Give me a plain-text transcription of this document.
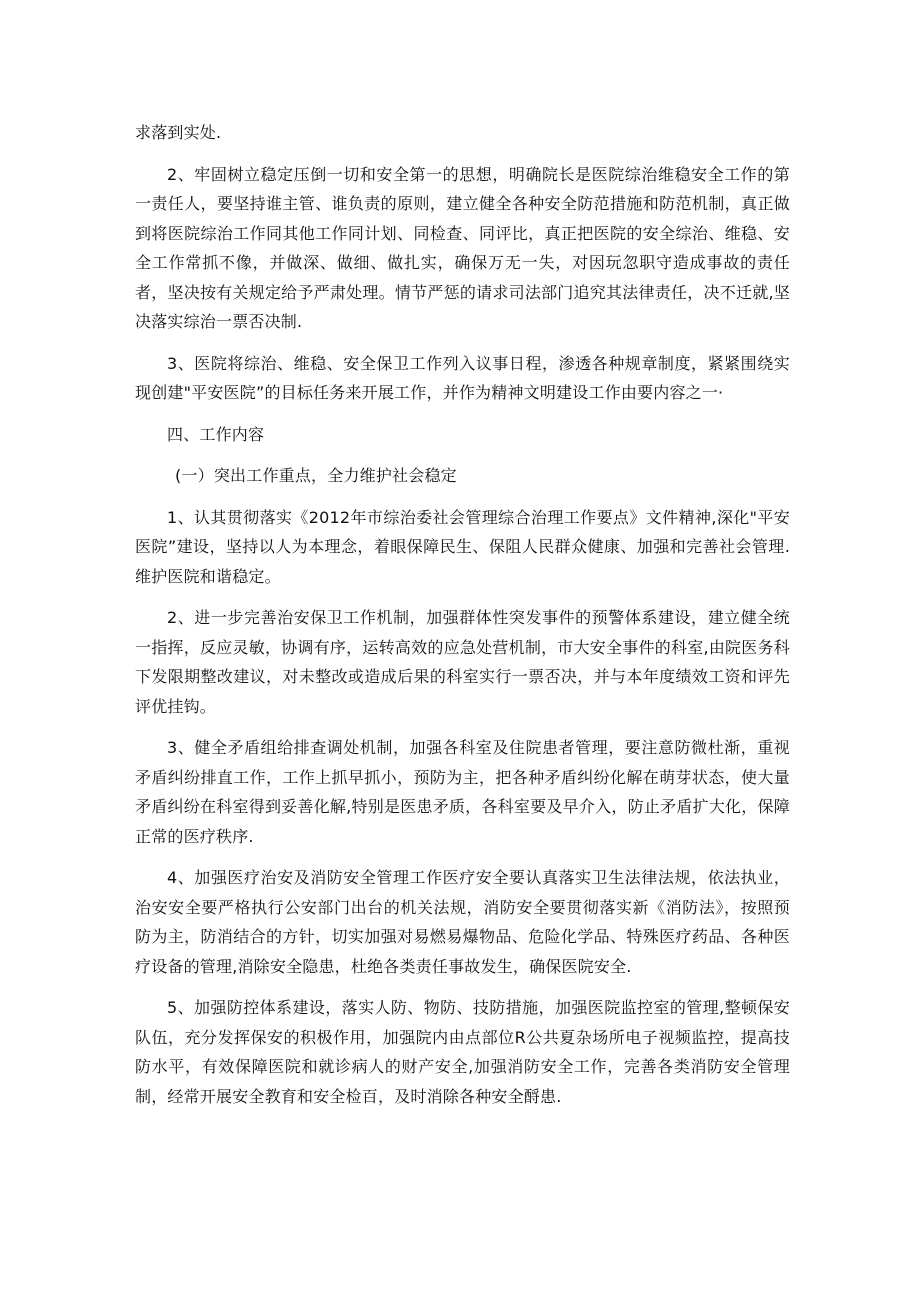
求落到实处.

2、牢固树立稳定压倒一切和安全第一的思想，明确院长是医院综治维稳安全工作的第一责任人，要坚持谁主管、谁负责的原则，建立健全各种安全防范措施和防范机制，真正做到将医院综治工作同其他工作同计划、同检查、同评比，真正把医院的安全综治、维稳、安全工作常抓不像，并做深、做细、做扎实，确保万无一失，对因玩忽职守造成事故的责任者，坚决按有关规定给予严肃处理。情节严惩的请求司法部门追究其法律责任，决不迁就,坚决落实综治一票否决制.

3、医院将综治、维稳、安全保卫工作列入议事日程，渗透各种规章制度，紧紧围绕实现创建"平安医院”的目标任务来开展工作，并作为精神文明建设工作由要内容之一·

四、工作内容

(一）突出工作重点，全力维护社会稳定

1、认其贯彻落实《2012年市综治委社会管理综合治理工作要点》文件精神,深化"平安医院”建设，坚持以人为本理念，着眼保障民生、保阻人民群众健康、加强和完善社会管理.维护医院和谐稳定。

2、进一步完善治安保卫工作机制，加强群体性突发事件的预警体系建设，建立健全统一指挥，反应灵敏，协调有序，运转高效的应急处营机制，市大安全事件的科室,由院医务科下发限期整改建议，对未整改或造成后果的科室实行一票否决，并与本年度绩效工资和评先评优挂钩。

3、健全矛盾组给排查调处机制，加强各科室及住院患者管理，要注意防微杜渐，重视矛盾纠纷排直工作，工作上抓早抓小，预防为主，把各种矛盾纠纷化解在萌芽状态，使大量矛盾纠纷在科室得到妥善化解,特别是医患矛质，各科室要及早介入，防止矛盾扩大化，保障正常的医疗秩序.

4、加强医疗治安及消防安全管理工作医疗安全要认真落实卫生法律法规，依法执业，治安安全要严格执行公安部门出台的机关法规，消防安全要贯彻落实新《消防法》，按照预防为主，防消结合的方针，切实加强对易燃易爆物品、危险化学品、特殊医疗药品、各种医疗设备的管理,消除安全隐患，杜绝各类责任事故发生，确保医院安全.

5、加强防控体系建设，落实人防、物防、技防措施，加强医院监控室的管理,整顿保安队伍，充分发挥保安的积极作用，加强院内由点部位R公共夏杂场所电子视频监控，提高技防水平，有效保障医院和就诊病人的财产安全,加强消防安全工作，完善各类消防安全管理制，经常开展安全教育和安全检百，及时消除各种安全酹患.
